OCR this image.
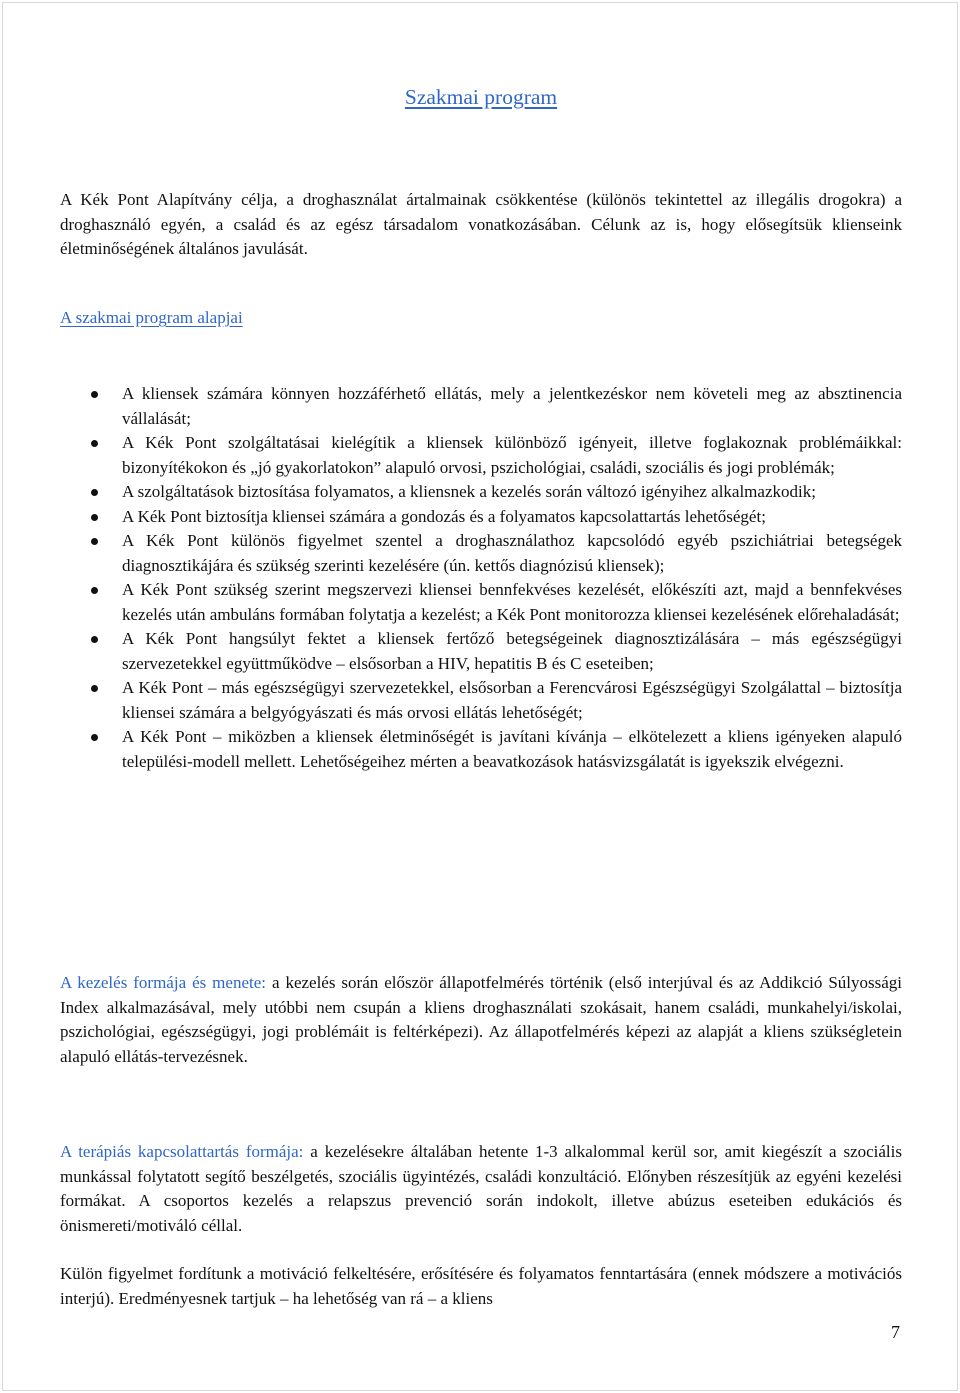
Szakmai program

A Kék Pont Alapítvány célja, a droghasználat ártalmainak csökkentése (különös tekintettel az illegális drogokra) a droghasználó egyén, a család és az egész társadalom vonatkozásában. Célunk az is, hogy elősegítsük klienseink életminőségének általános javulását.

A szakmai program alapjai
A kliensek számára könnyen hozzáférhető ellátás, mely a jelentkezéskor nem követeli meg az absztinencia vállalását;
A Kék Pont szolgáltatásai kielégítik a kliensek különböző igényeit, illetve foglakoznak problémáikkal: bizonyítékokon és „jó gyakorlatokon” alapuló orvosi, pszichológiai, családi, szociális és jogi problémák;
A szolgáltatások biztosítása folyamatos, a kliensnek a kezelés során változó igényihez alkalmazkodik;
A Kék Pont biztosítja kliensei számára a gondozás és a folyamatos kapcsolattartás lehetőségét;
A Kék Pont különös figyelmet szentel a droghasználathoz kapcsolódó egyéb pszichiátriai betegségek diagnosztikájára és szükség szerinti kezelésére (ún. kettős diagnózisú kliensek);
A Kék Pont szükség szerint megszervezi kliensei bennfekvéses kezelését, előkészíti azt, majd a bennfekvéses kezelés után ambuláns formában folytatja a kezelést; a Kék Pont monitorozza kliensei kezelésének előrehaladását;
A Kék Pont hangsúlyt fektet a kliensek fertőző betegségeinek diagnosztizálására – más egészségügyi szervezetekkel együttműködve – elsősorban a HIV, hepatitis B és C eseteiben;
A Kék Pont – más egészségügyi szervezetekkel, elsősorban a Ferencvárosi Egészségügyi Szolgálattal – biztosítja kliensei számára a belgyógyászati és más orvosi ellátás lehetőségét;
A Kék Pont – miközben a kliensek életminőségét is javítani kívánja – elkötelezett a kliens igényeken alapuló települési-modell mellett. Lehetőségeihez mérten a beavatkozások hatásvizsgálatát is igyekszik elvégezni.

A kezelés formája és menete: a kezelés során először állapotfelmérés történik (első interjúval és az Addikció Súlyossági Index alkalmazásával, mely utóbbi nem csupán a kliens droghasználati szokásait, hanem családi, munkahelyi/iskolai, pszichológiai, egészségügyi, jogi problémáit is feltérképezi). Az állapotfelmérés képezi az alapját a kliens szükségletein alapuló ellátás-tervezésnek.

A terápiás kapcsolattartás formája: a kezelésekre általában hetente 1-3 alkalommal kerül sor, amit kiegészít a szociális munkással folytatott segítő beszélgetés, szociális ügyintézés, családi konzultáció. Előnyben részesítjük az egyéni kezelési formákat. A csoportos kezelés a relapszus prevenció során indokolt, illetve abúzus eseteiben edukációs és önismereti/motiváló céllal.

Külön figyelmet fordítunk a motiváció felkeltésére, erősítésére és folyamatos fenntartására (ennek módszere a motivációs interjú). Eredményesnek tartjuk – ha lehetőség van rá – a kliens

7
